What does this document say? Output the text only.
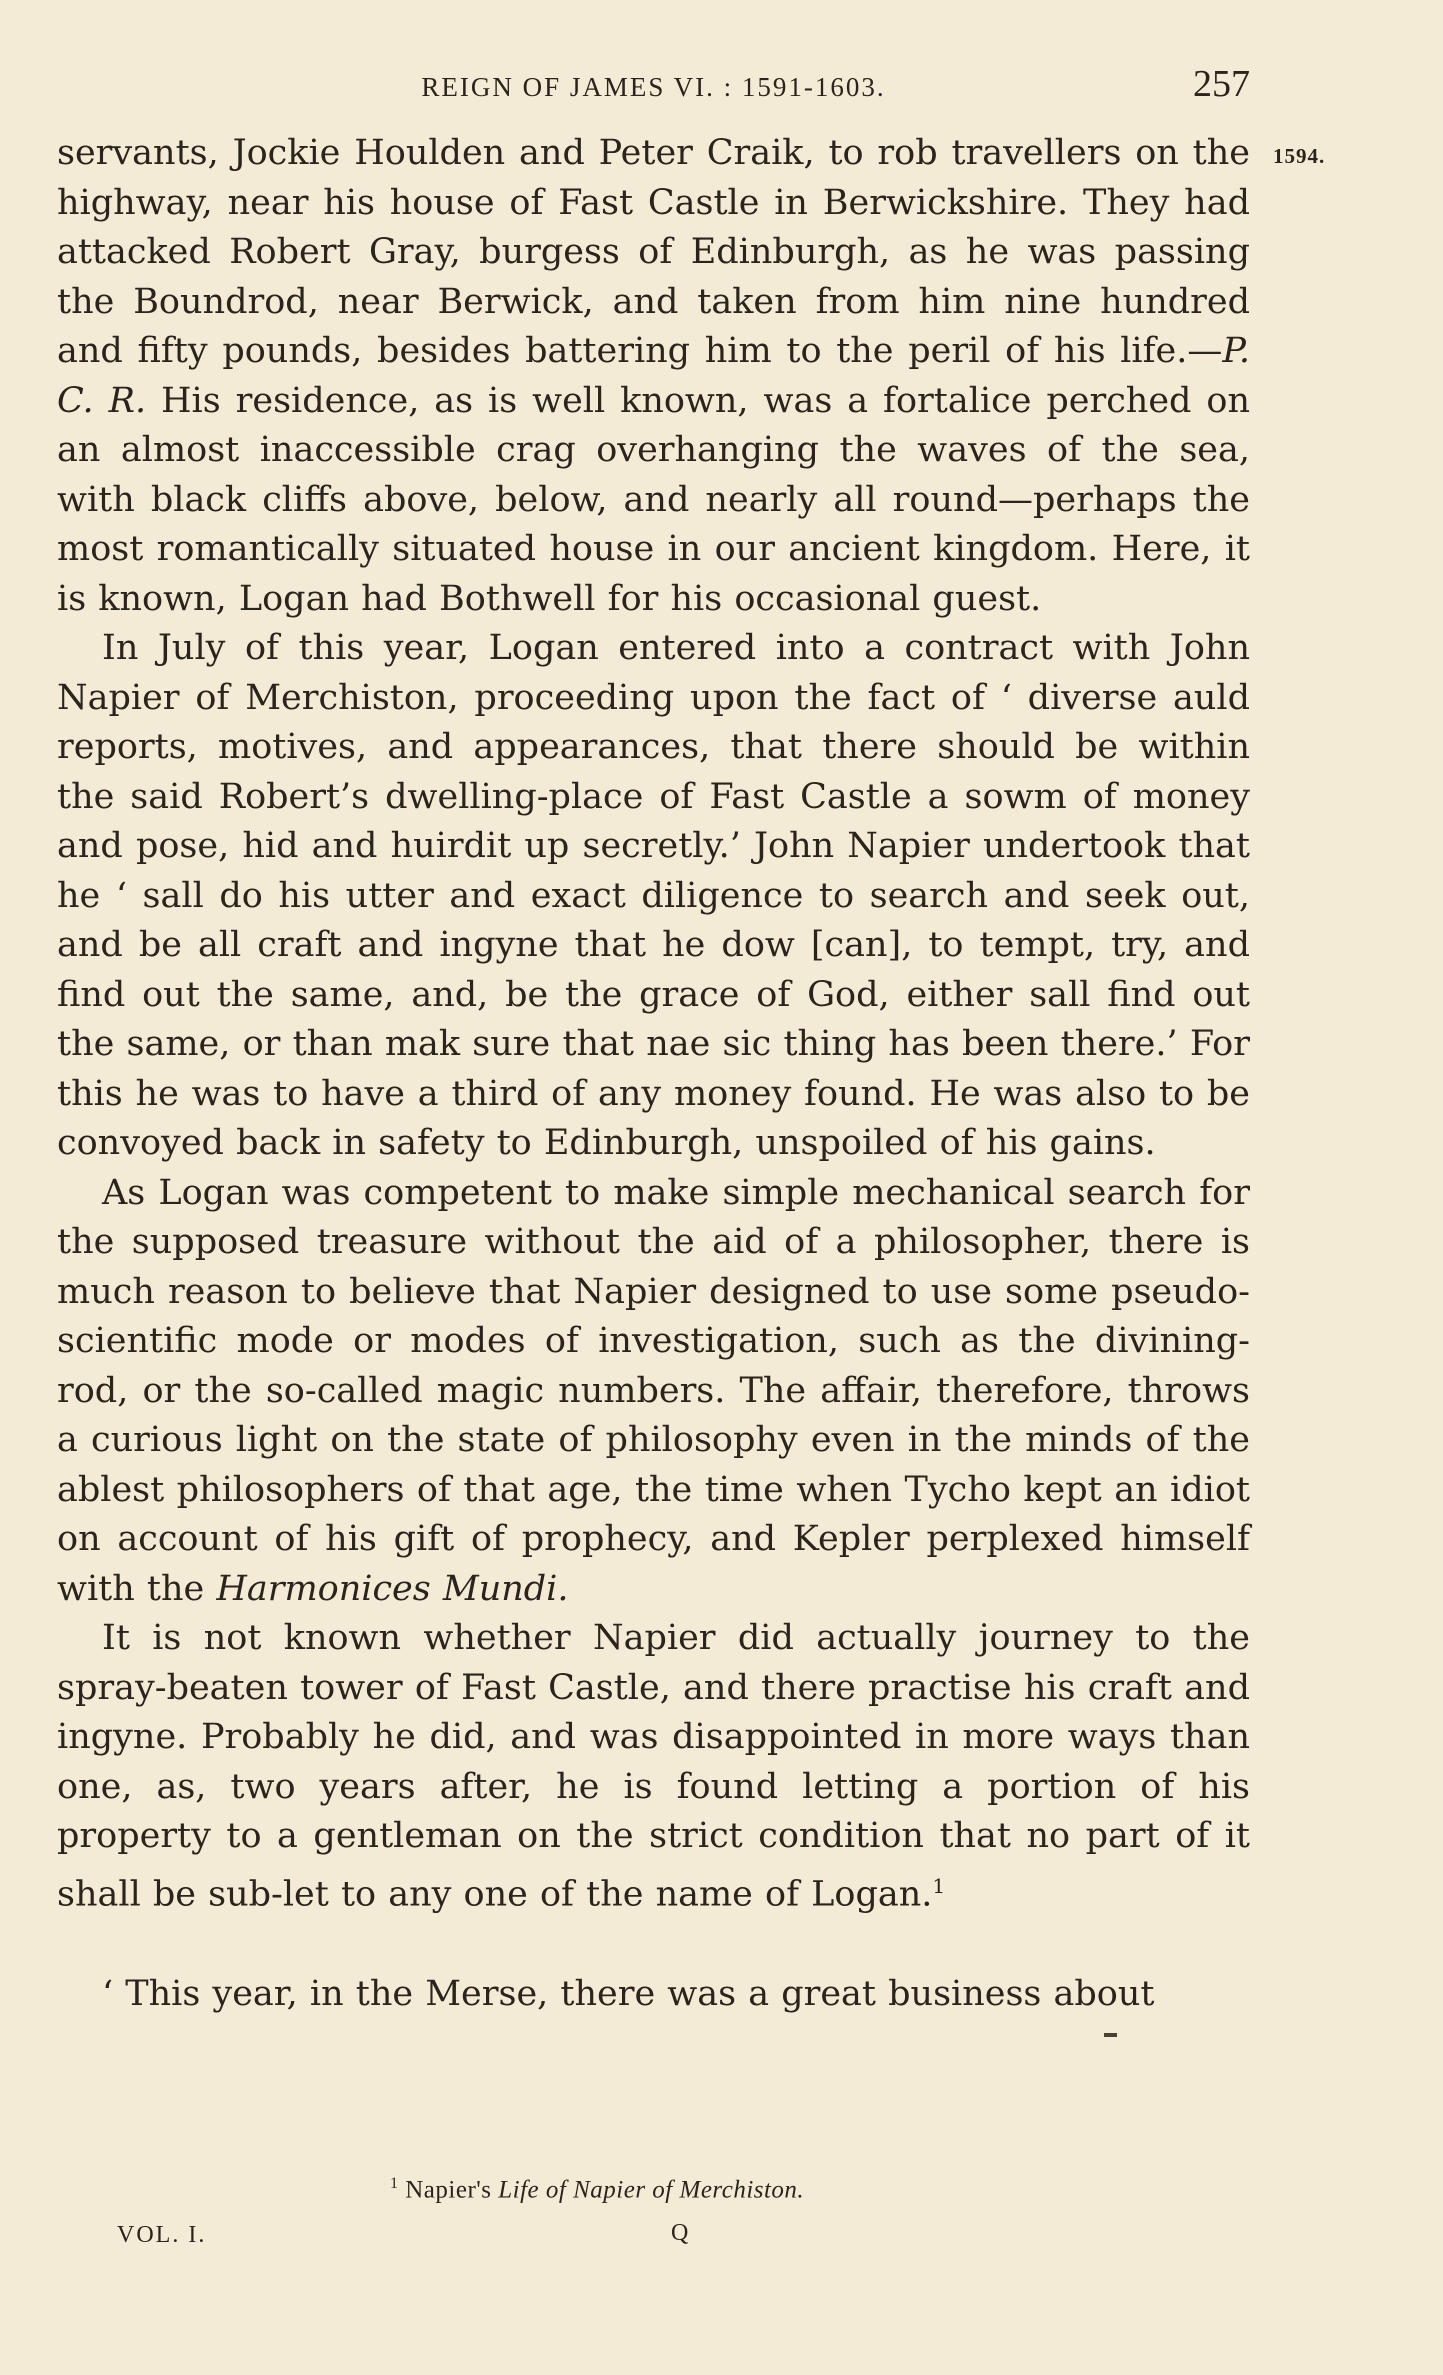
REIGN OF JAMES VI. : 1591-1603.	257
1594.

servants, Jockie Houlden and Peter Craik, to rob travellers on the highway, near his house of Fast Castle in Berwickshire. They had attacked Robert Gray, burgess of Edinburgh, as he was passing the Boundrod, near Berwick, and taken from him nine hundred and fifty pounds, besides battering him to the peril of his life.—P. C. R. His residence, as is well known, was a fortalice perched on an almost inaccessible crag overhanging the waves of the sea, with black cliffs above, below, and nearly all round—perhaps the most romantically situated house in our ancient kingdom. Here, it is known, Logan had Bothwell for his occasional guest.

In July of this year, Logan entered into a contract with John Napier of Merchiston, proceeding upon the fact of ‘ diverse auld reports, motives, and appearances, that there should be within the said Robert’s dwelling-place of Fast Castle a sowm of money and pose, hid and huirdit up secretly.’ John Napier undertook that he ‘ sall do his utter and exact diligence to search and seek out, and be all craft and ingyne that he dow [can], to tempt, try, and find out the same, and, be the grace of God, either sall find out the same, or than mak sure that nae sic thing has been there.’ For this he was to have a third of any money found. He was also to be convoyed back in safety to Edinburgh, unspoiled of his gains.

As Logan was competent to make simple mechanical search for the supposed treasure without the aid of a philosopher, there is much reason to believe that Napier designed to use some pseudo-scientific mode or modes of investigation, such as the divining-rod, or the so-called magic numbers. The affair, therefore, throws a curious light on the state of philosophy even in the minds of the ablest philosophers of that age, the time when Tycho kept an idiot on account of his gift of prophecy, and Kepler perplexed himself with the Harmonices Mundi.

It is not known whether Napier did actually journey to the spray-beaten tower of Fast Castle, and there practise his craft and ingyne. Probably he did, and was disappointed in more ways than one, as, two years after, he is found letting a portion of his property to a gentleman on the strict condition that no part of it shall be sub-let to any one of the name of Logan.$^1$

‘ This year, in the Merse, there was a great business about

$^1$ Napier's Life of Napier of Merchiston.
VOL. I.	Q
